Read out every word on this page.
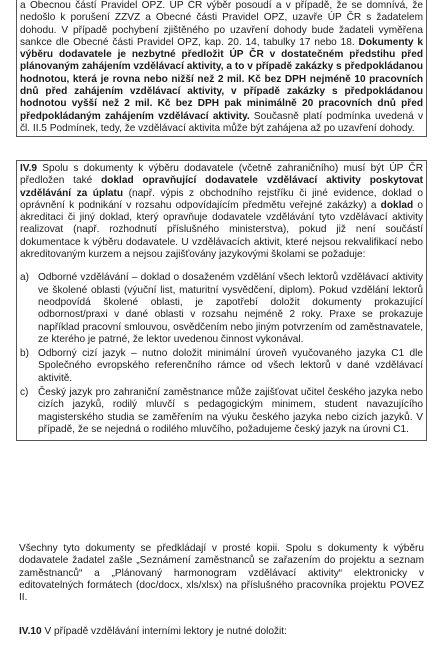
a Obecnou částí Pravidel OPZ. ÚP ČR výběr posoudí a v případě, že se domnívá, že nedošlo k porušení ZZVZ a Obecné části Pravidel OPZ, uzavře ÚP ČR s žadatelem dohodu. V případě pochybení zjištěného po uzavření dohody bude žadateli vyměřena sankce dle Obecné části Pravidel OPZ, kap. 20. 14, tabulky 17 nebo 18. Dokumenty k výběru dodavatele je nezbytné předložit ÚP ČR v dostatečném předstihu před plánovaným zahájením vzdělávací aktivity, a to v případě zakázky s předpokládanou hodnotou, která je rovna nebo nižší než 2 mil. Kč bez DPH nejméně 10 pracovních dnů před zahájením vzdělávací aktivity, v případě zakázky s předpokládanou hodnotou vyšší než 2 mil. Kč bez DPH pak minimálně 20 pracovních dnů před předpokládaným zahájením vzdělávací aktivity. Současně platí podmínka uvedená v čl. II.5 Podmínek, tedy, že vzdělávací aktivita může být zahájena až po uzavření dohody.

IV.9 Spolu s dokumenty k výběru dodavatele (včetně zahraničního) musí být ÚP ČR předložen také doklad opravňující dodavatele vzdělávací aktivity poskytovat vzdělávání za úplatu (např. výpis z obchodního rejstříku či jiné evidence, doklad o oprávnění k podnikání v rozsahu odpovídajícím předmětu veřejné zakázky) a doklad o akreditaci či jiný doklad, který opravňuje dodavatele vzdělávání tyto vzdělávací aktivity realizovat (např. rozhodnutí příslušného ministerstva), pokud již není součástí dokumentace k výběru dodavatele. U vzdělávacích aktivit, které nejsou rekvalifikací nebo akreditovaným kurzem a nejsou zajišťovány jazykovými školami se požaduje:

a) Odborné vzdělávání – doklad o dosaženém vzdělání všech lektorů vzdělávací aktivity ve školené oblasti (výuční list, maturitní vysvědčení, diplom). Pokud vzdělání lektorů neodpovídá školené oblasti, je zapotřebí doložit dokumenty prokazující odbornost/praxi v dané oblasti v rozsahu nejméně 2 roky. Praxe se prokazuje například pracovní smlouvou, osvědčením nebo jiným potvrzením od zaměstnavatele, ze kterého je patrné, že lektor uvedenou činnost vykonával.
b) Odborný cizí jazyk – nutno doložit minimální úroveň vyučovaného jazyka C1 dle Společného evropského referenčního rámce od všech lektorů v dané vzdělávací aktivitě.
c) Český jazyk pro zahraniční zaměstnance může zajišťovat učitel českého jazyka nebo cizích jazyků, rodilý mluvčí s pedagogickým minimem, student navazujícího magisterského studia se zaměřením na výuku českého jazyka nebo cizích jazyků. V případě, že se nejedná o rodilého mluvčího, požadujeme český jazyk na úrovni C1.

Všechny tyto dokumenty se předkládají v prosté kopii. Spolu s dokumenty k výběru dodavatele žadatel zašle „Seznámení zaměstnanců se zařazením do projektu a seznam zaměstnanců“ a „Plánovaný harmonogram vzdělávací aktivity“ elektronicky v editovatelných formátech (doc/docx, xls/xlsx) na příslušného pracovníka projektu POVEZ II.

IV.10 V případě vzdělávání interními lektory je nutné doložit:
